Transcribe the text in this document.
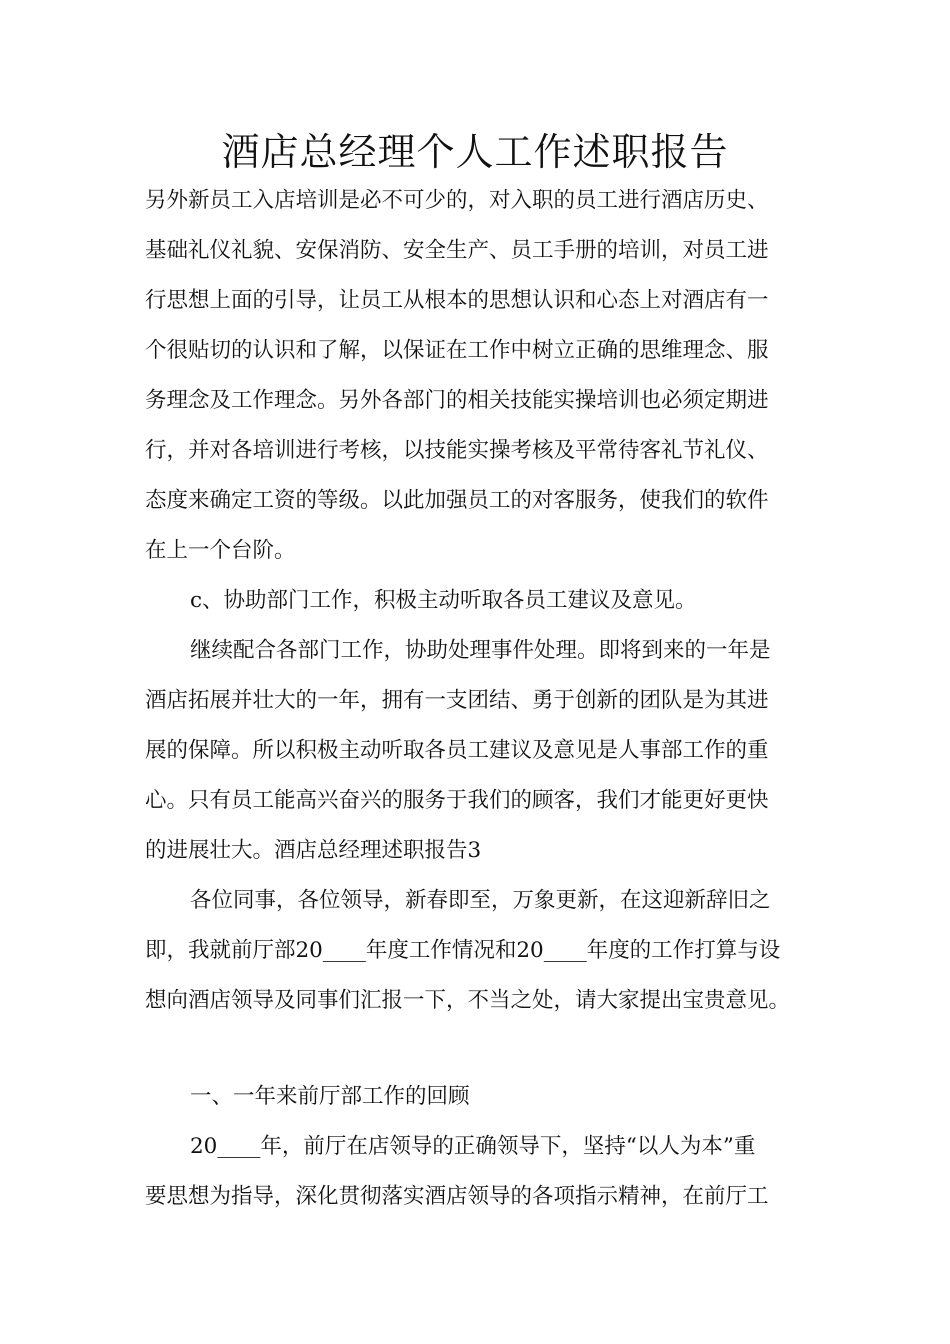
酒店总经理个人工作述职报告

另外新员工入店培训是必不可少的，对入职的员工进行酒店历史、

基础礼仪礼貌、安保消防、安全生产、员工手册的培训，对员工进

行思想上面的引导，让员工从根本的思想认识和心态上对酒店有一

个很贴切的认识和了解，以保证在工作中树立正确的思维理念、服

务理念及工作理念。另外各部门的相关技能实操培训也必须定期进

行，并对各培训进行考核，以技能实操考核及平常待客礼节礼仪、

态度来确定工资的等级。以此加强员工的对客服务，使我们的软件

在上一个台阶。

c、协助部门工作，积极主动听取各员工建议及意见。

继续配合各部门工作，协助处理事件处理。即将到来的一年是

酒店拓展并壮大的一年，拥有一支团结、勇于创新的团队是为其进

展的保障。所以积极主动听取各员工建议及意见是人事部工作的重

心。只有员工能高兴奋兴的服务于我们的顾客，我们才能更好更快

的进展壮大。酒店总经理述职报告3

各位同事，各位领导，新春即至，万象更新，在这迎新辞旧之

即，我就前厅部20____年度工作情况和20____年度的工作打算与设

想向酒店领导及同事们汇报一下，不当之处，请大家提出宝贵意见。

一、一年来前厅部工作的回顾

20____年，前厅在店领导的正确领导下，坚持“以人为本”重

要思想为指导，深化贯彻落实酒店领导的各项指示精神，在前厅工
